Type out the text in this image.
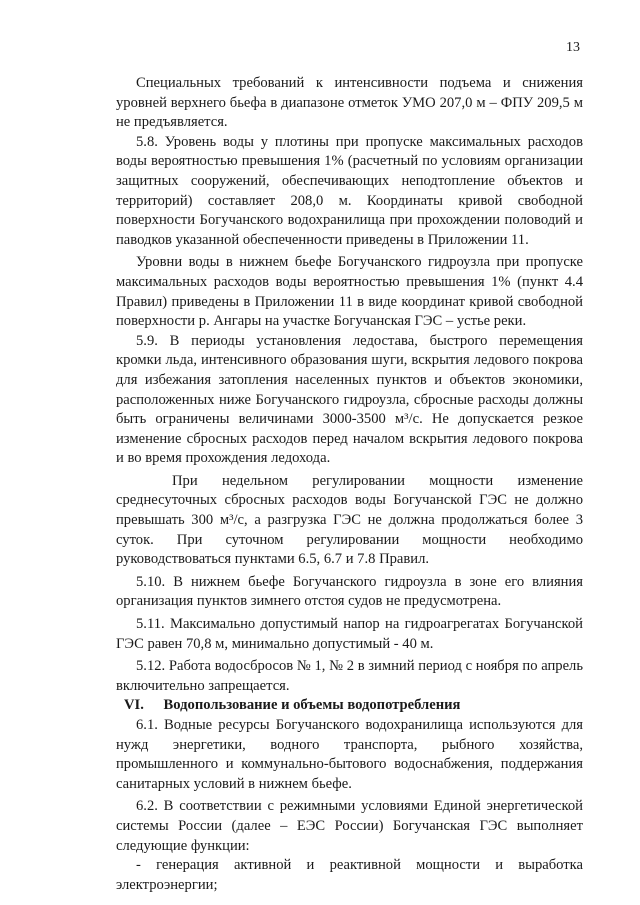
13

Специальных требований к интенсивности подъема и снижения уровней верхнего бьефа в диапазоне отметок УМО 207,0 м – ФПУ 209,5 м не предъявляется.

5.8. Уровень воды у плотины при пропуске максимальных расходов воды вероятностью превышения 1% (расчетный по условиям организации защитных сооружений, обеспечивающих неподтопление объектов и территорий) составляет 208,0 м. Координаты кривой свободной поверхности Богучанского водохранилища при прохождении половодий и паводков указанной обеспеченности приведены в Приложении 11.

Уровни воды в нижнем бьефе Богучанского гидроузла при пропуске максимальных расходов воды вероятностью превышения 1% (пункт 4.4 Правил) приведены в Приложении 11 в виде координат кривой свободной поверхности р. Ангары на участке Богучанская ГЭС – устье реки.

5.9. В периоды установления ледостава, быстрого перемещения кромки льда, интенсивного образования шуги, вскрытия ледового покрова для избежания затопления населенных пунктов и объектов экономики, расположенных ниже Богучанского гидроузла, сбросные расходы должны быть ограничены величинами 3000-3500 м³/с. Не допускается резкое изменение сбросных расходов перед началом вскрытия ледового покрова и во время прохождения ледохода.

При недельном регулировании мощности изменение среднесуточных сбросных расходов воды Богучанской ГЭС не должно превышать 300 м³/с, а разгрузка ГЭС не должна продолжаться более 3 суток. При суточном регулировании мощности необходимо руководствоваться пунктами 6.5, 6.7 и 7.8 Правил.

5.10. В нижнем бьефе Богучанского гидроузла в зоне его влияния организация пунктов зимнего отстоя судов не предусмотрена.

5.11. Максимально допустимый напор на гидроагрегатах Богучанской ГЭС равен 70,8 м, минимально допустимый - 40 м.

5.12. Работа водосбросов № 1, № 2 в зимний период с ноября по апрель включительно запрещается.

VI. Водопользование и объемы водопотребления

6.1. Водные ресурсы Богучанского водохранилища используются для нужд энергетики, водного транспорта, рыбного хозяйства, промышленного и коммунально-бытового водоснабжения, поддержания санитарных условий в нижнем бьефе.

6.2. В соответствии с режимными условиями Единой энергетической системы России (далее – ЕЭС России) Богучанская ГЭС выполняет следующие функции:

- генерация активной и реактивной мощности и выработка электроэнергии;
